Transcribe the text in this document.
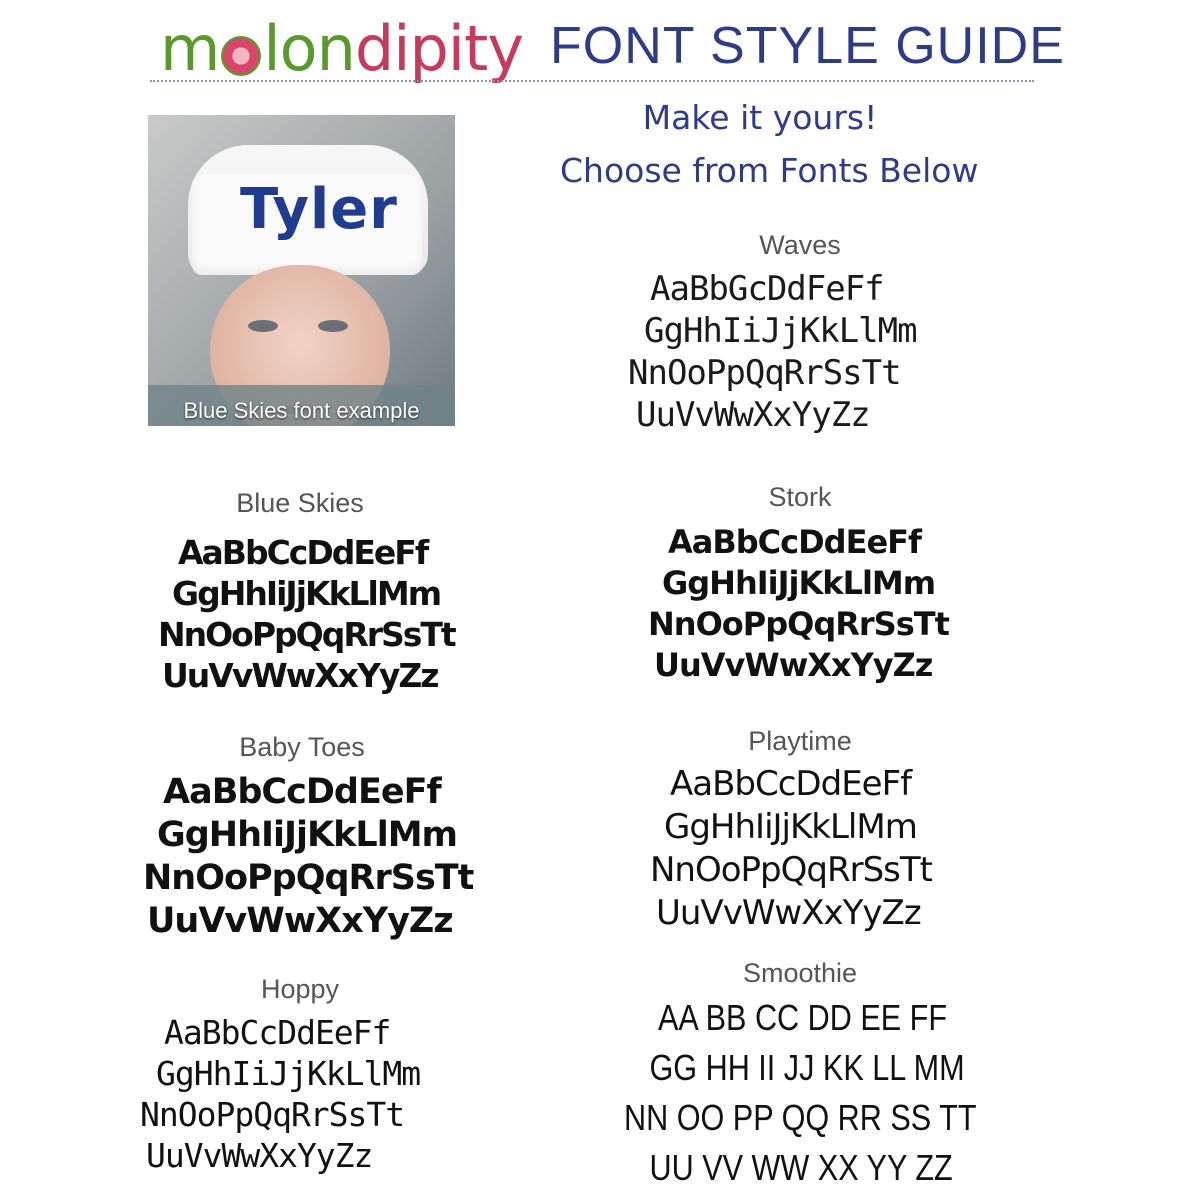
m lon dipity FONT STYLE GUIDE
Make it yours!
Choose from Fonts Below
Tyler
Blue Skies font example
Waves
AaBbGcDdFeFf
GgHhIiJjKkLlMm
NnOoPpQqRrSsTt
UuVvWwXxYyZz
Blue Skies
AaBbCcDdEeFf
GgHhIiJjKkLlMm
NnOoPpQqRrSsTt
UuVvWwXxYyZz
Stork
AaBbCcDdEeFf
GgHhIiJjKkLlMm
NnOoPpQqRrSsTt
UuVvWwXxYyZz
Baby Toes
AaBbCcDdEeFf
GgHhIiJjKkLlMm
NnOoPpQqRrSsTt
UuVvWwXxYyZz
Playtime
AaBbCcDdEeFf
GgHhIiJjKkLlMm
NnOoPpQqRrSsTt
UuVvWwXxYyZz
Hoppy
AaBbCcDdEeFf
GgHhIiJjKkLlMm
NnOoPpQqRrSsTt
UuVvWwXxYyZz
Smoothie
AA BB CC DD EE FF
GG HH II JJ KK LL MM
NN OO PP QQ RR SS TT
UU VV WW XX YY ZZ
